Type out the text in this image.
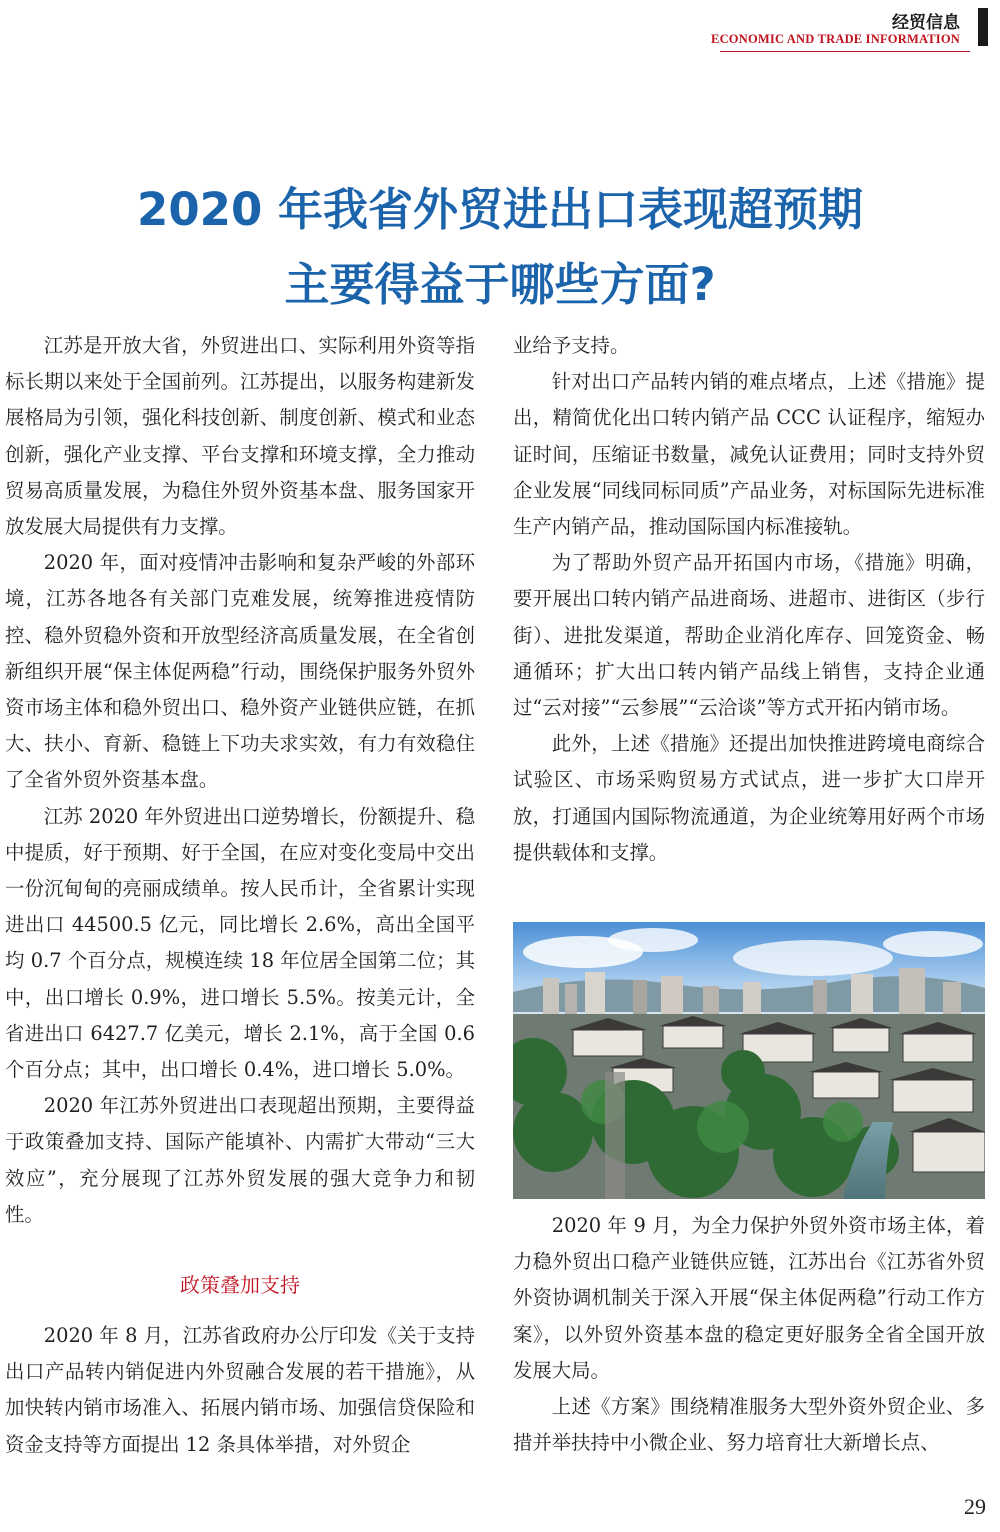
经贸信息
ECONOMIC AND TRADE INFORMATION
2020 年我省外贸进出口表现超预期
主要得益于哪些方面?

江苏是开放大省，外贸进出口、实际利用外资等指标长期以来处于全国前列。江苏提出，以服务构建新发展格局为引领，强化科技创新、制度创新、模式和业态创新，强化产业支撑、平台支撑和环境支撑，全力推动贸易高质量发展，为稳住外贸外资基本盘、服务国家开放发展大局提供有力支撑。

2020 年，面对疫情冲击影响和复杂严峻的外部环境，江苏各地各有关部门克难发展，统筹推进疫情防控、稳外贸稳外资和开放型经济高质量发展，在全省创新组织开展“保主体促两稳”行动，围绕保护服务外贸外资市场主体和稳外贸出口、稳外资产业链供应链，在抓大、扶小、育新、稳链上下功夫求实效，有力有效稳住了全省外贸外资基本盘。

江苏 2020 年外贸进出口逆势增长，份额提升、稳中提质，好于预期、好于全国，在应对变化变局中交出一份沉甸甸的亮丽成绩单。按人民币计，全省累计实现进出口 44500.5 亿元，同比增长 2.6%，高出全国平均 0.7 个百分点，规模连续 18 年位居全国第二位；其中，出口增长 0.9%，进口增长 5.5%。按美元计，全省进出口 6427.7 亿美元，增长 2.1%，高于全国 0.6 个百分点；其中，出口增长 0.4%，进口增长 5.0%。

2020 年江苏外贸进出口表现超出预期，主要得益于政策叠加支持、国际产能填补、内需扩大带动“三大效应”，充分展现了江苏外贸发展的强大竞争力和韧性。

政策叠加支持

2020 年 8 月，江苏省政府办公厅印发《关于支持出口产品转内销促进内外贸融合发展的若干措施》，从加快转内销市场准入、拓展内销市场、加强信贷保险和资金支持等方面提出 12 条具体举措，对外贸企

业给予支持。

针对出口产品转内销的难点堵点，上述《措施》提出，精简优化出口转内销产品 CCC 认证程序，缩短办证时间，压缩证书数量，减免认证费用；同时支持外贸企业发展“同线同标同质”产品业务，对标国际先进标准生产内销产品，推动国际国内标准接轨。

为了帮助外贸产品开拓国内市场，《措施》明确，要开展出口转内销产品进商场、进超市、进街区（步行街）、进批发渠道，帮助企业消化库存、回笼资金、畅通循环；扩大出口转内销产品线上销售，支持企业通过“云对接”“云参展”“云洽谈”等方式开拓内销市场。

此外，上述《措施》还提出加快推进跨境电商综合试验区、市场采购贸易方式试点，进一步扩大口岸开放，打通国内国际物流通道，为企业统筹用好两个市场提供载体和支撑。

2020 年 9 月，为全力保护外贸外资市场主体，着力稳外贸出口稳产业链供应链，江苏出台《江苏省外贸外资协调机制关于深入开展“保主体促两稳”行动工作方案》，以外贸外资基本盘的稳定更好服务全省全国开放发展大局。

上述《方案》围绕精准服务大型外资外贸企业、多措并举扶持中小微企业、努力培育壮大新增长点、

29
